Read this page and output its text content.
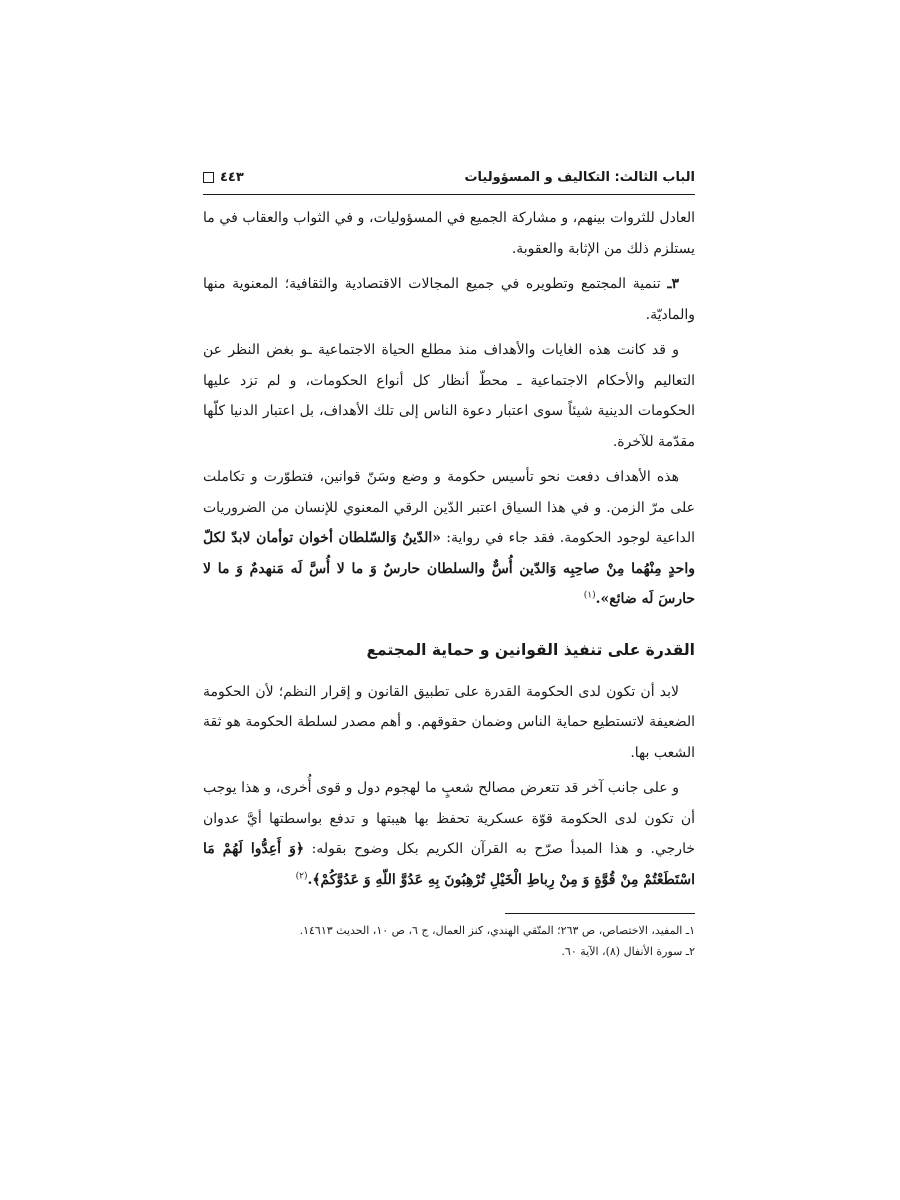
الباب الثالث: التكاليف و المسؤوليات
٤٤٣

العادل للثروات بينهم، و مشاركة الجميع في المسؤوليات، و في الثواب والعقاب في ما يستلزم ذلك من الإثابة والعقوبة.

٣ـ تنمية المجتمع وتطويره في جميع المجالات الاقتصادية والثقافية؛ المعنوية منها والماديّة.

و قد كانت هذه الغايات والأهداف منذ مطلع الحياة الاجتماعية ـو بغض النظر عن التعاليم والأحكام الاجتماعية ـ محطّ أنظار كل أنواع الحكومات، و لم تزد عليها الحكومات الدينية شيئاً سوى اعتبار دعوة الناس إلى تلك الأهداف، بل اعتبار الدنيا كلّها مقدّمة للآخرة.

هذه الأهداف دفعت نحو تأسيس حكومة و وضع وسَنّ قوانين، فتطوّرت و تكاملت على مرّ الزمن. و في هذا السياق اعتبر الدّين الرقي المعنوي للإنسان من الضروريات الداعية لوجود الحكومة. فقد جاء في رواية: «الدّينُ وَالسّلطان أخوان توأمان لابدّ لكلّ واحدٍ مِنْهُما مِنْ صاحِبِه وَالدّين أُسٌّ والسلطان حارسٌ وَ ما لا أُسَّ لَه مَنهدمٌ وَ ما لا حارسَ لَه ضائع».$^{(١)}$

القدرة على تنفيذ القوانين و حماية المجتمع

لابد أن تكون لدى الحكومة القدرة على تطبيق القانون و إقرار النظم؛ لأن الحكومة الضعيفة لاتستطيع حماية الناس وضمان حقوقهم. و أهم مصدر لسلطة الحكومة هو ثقة الشعب بها.

و على جانب آخر قد تتعرض مصالح شعبٍ ما لهجوم دول و قوى أُخرى، و هذا يوجب أن تكون لدى الحكومة قوّة عسكرية تحفظ بها هيبتها و تدفع بواسطتها أيَّ عدوان خارجي. و هذا المبدأ صرّح به القرآن الكريم بكل وضوح بقوله: ﴿وَ أَعِدُّوا لَهُمْ مَا اسْتَطَعْتُمْ مِنْ قُوَّةٍ وَ مِنْ رِباطِ الْخَيْلِ تُرْهِبُونَ بِهِ عَدُوَّ اللّهِ وَ عَدُوَّكُمْ﴾.$^{(٢)}$

١ـ المفيد، الاختصاص، ص ٢٦٣؛ المتّقي الهندي، كنز العمال، ج ٦، ص ١٠، الحديث ١٤٦١٣.

٢ـ سورة الأنفال (٨)، الآية ٦٠.
